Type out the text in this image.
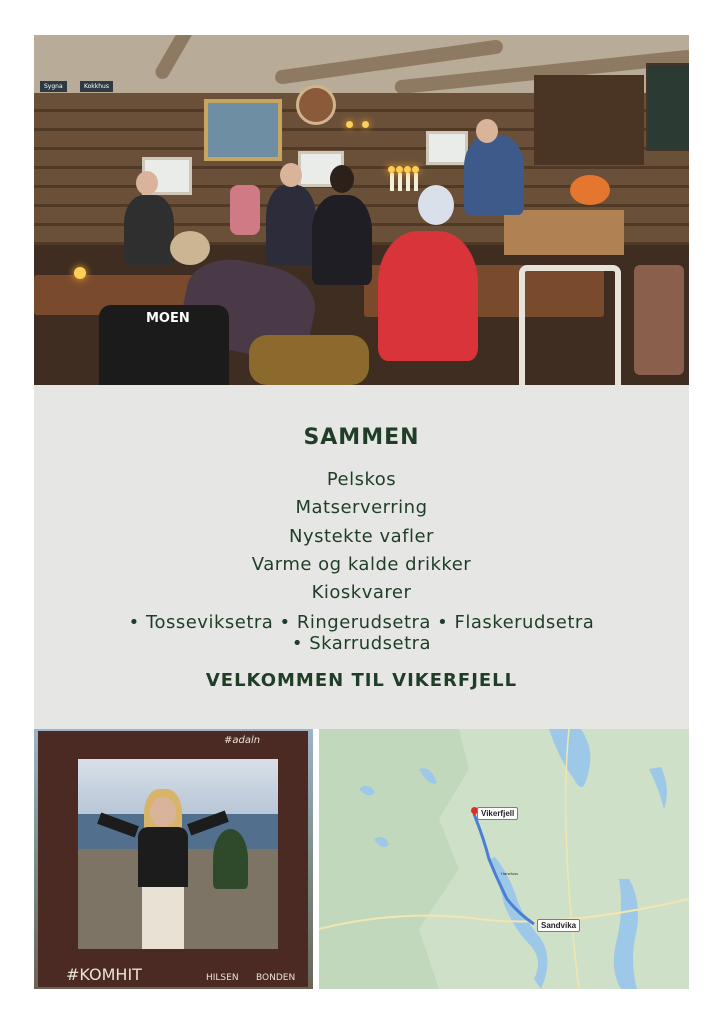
Sygna	Kokkhus
MOEN
SAMMEN
Pelskos
Matserverring
Nystekte vafler
Varme og kalde drikker
Kioskvarer
• Tosseviksetra • Ringerudsetra • Flaskerudsetra
• Skarrudsetra
VELKOMMEN TIL VIKERFJELL
#adaln
#KOMHIT	HILSEN BONDEN
Vikerfjell
Hønefoss
Sandvika
